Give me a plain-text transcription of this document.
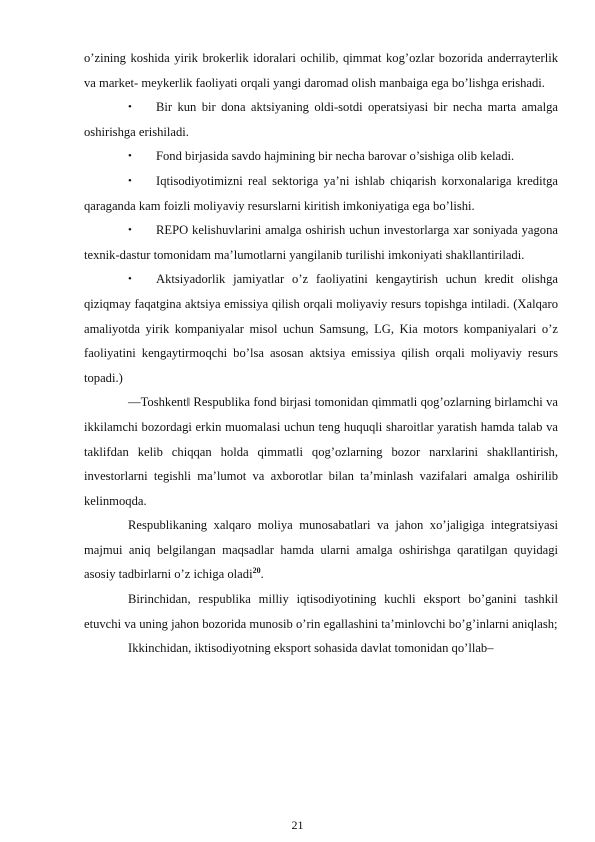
o’zining koshida yirik brokerlik idoralari ochilib, qimmat kog’ozlar bozorida anderrayterlik va market- meykerlik faoliyati orqali yangi daromad olish manbaiga ega bo’lishga erishadi.

•	Bir kun bir dona aktsiyaning oldi-sotdi operatsiyasi bir necha marta amalga oshirishga erishiladi.

•	Fond birjasida savdo hajmining bir necha barovar o’sishiga olib keladi.

•	Iqtisodiyotimizni real sektoriga ya’ni ishlab chiqarish korxonalariga kreditga qaraganda kam foizli moliyaviy resurslarni kiritish imkoniyatiga ega bo’lishi.

•	REPO kelishuvlarini amalga oshirish uchun investorlarga xar soniyada yagona texnik-dastur tomonidam ma’lumotlarni yangilanib turilishi imkoniyati shakllantiriladi.

•	Aktsiyadorlik jamiyatlar o’z faoliyatini kengaytirish uchun kredit olishga qiziqmay faqatgina aktsiya emissiya qilish orqali moliyaviy resurs topishga intiladi. (Xalqaro amaliyotda yirik kompaniyalar misol uchun Samsung, LG, Kia motors kompaniyalari o’z faoliyatini kengaytirmoqchi bo’lsa asosan aktsiya emissiya qilish orqali moliyaviy resurs topadi.)

―Toshkent‖ Respublika fond birjasi tomonidan qimmatli qog’ozlarning birlamchi va ikkilamchi bozordagi erkin muomalasi uchun teng huquqli sharoitlar yaratish hamda talab va taklifdan kelib chiqqan holda qimmatli qog’ozlarning bozor narxlarini shakllantirish, investorlarni tegishli ma’lumot va axborotlar bilan ta’minlash vazifalari amalga oshirilib kelinmoqda.

Respublikaning xalqaro moliya munosabatlari va jahon xo’jaligiga integratsiyasi majmui aniq belgilangan maqsadlar hamda ularni amalga oshirishga qaratilgan quyidagi asosiy tadbirlarni o’z ichiga oladi$^{20}$.

Birinchidan, respublika milliy iqtisodiyotining kuchli eksport bo’ganini tashkil etuvchi va uning jahon bozorida munosib o’rin egallashini ta’minlovchi bo’g’inlarni aniqlash;

Ikkinchidan, iktisodiyotning eksport sohasida davlat tomonidan qo’llab–

21
